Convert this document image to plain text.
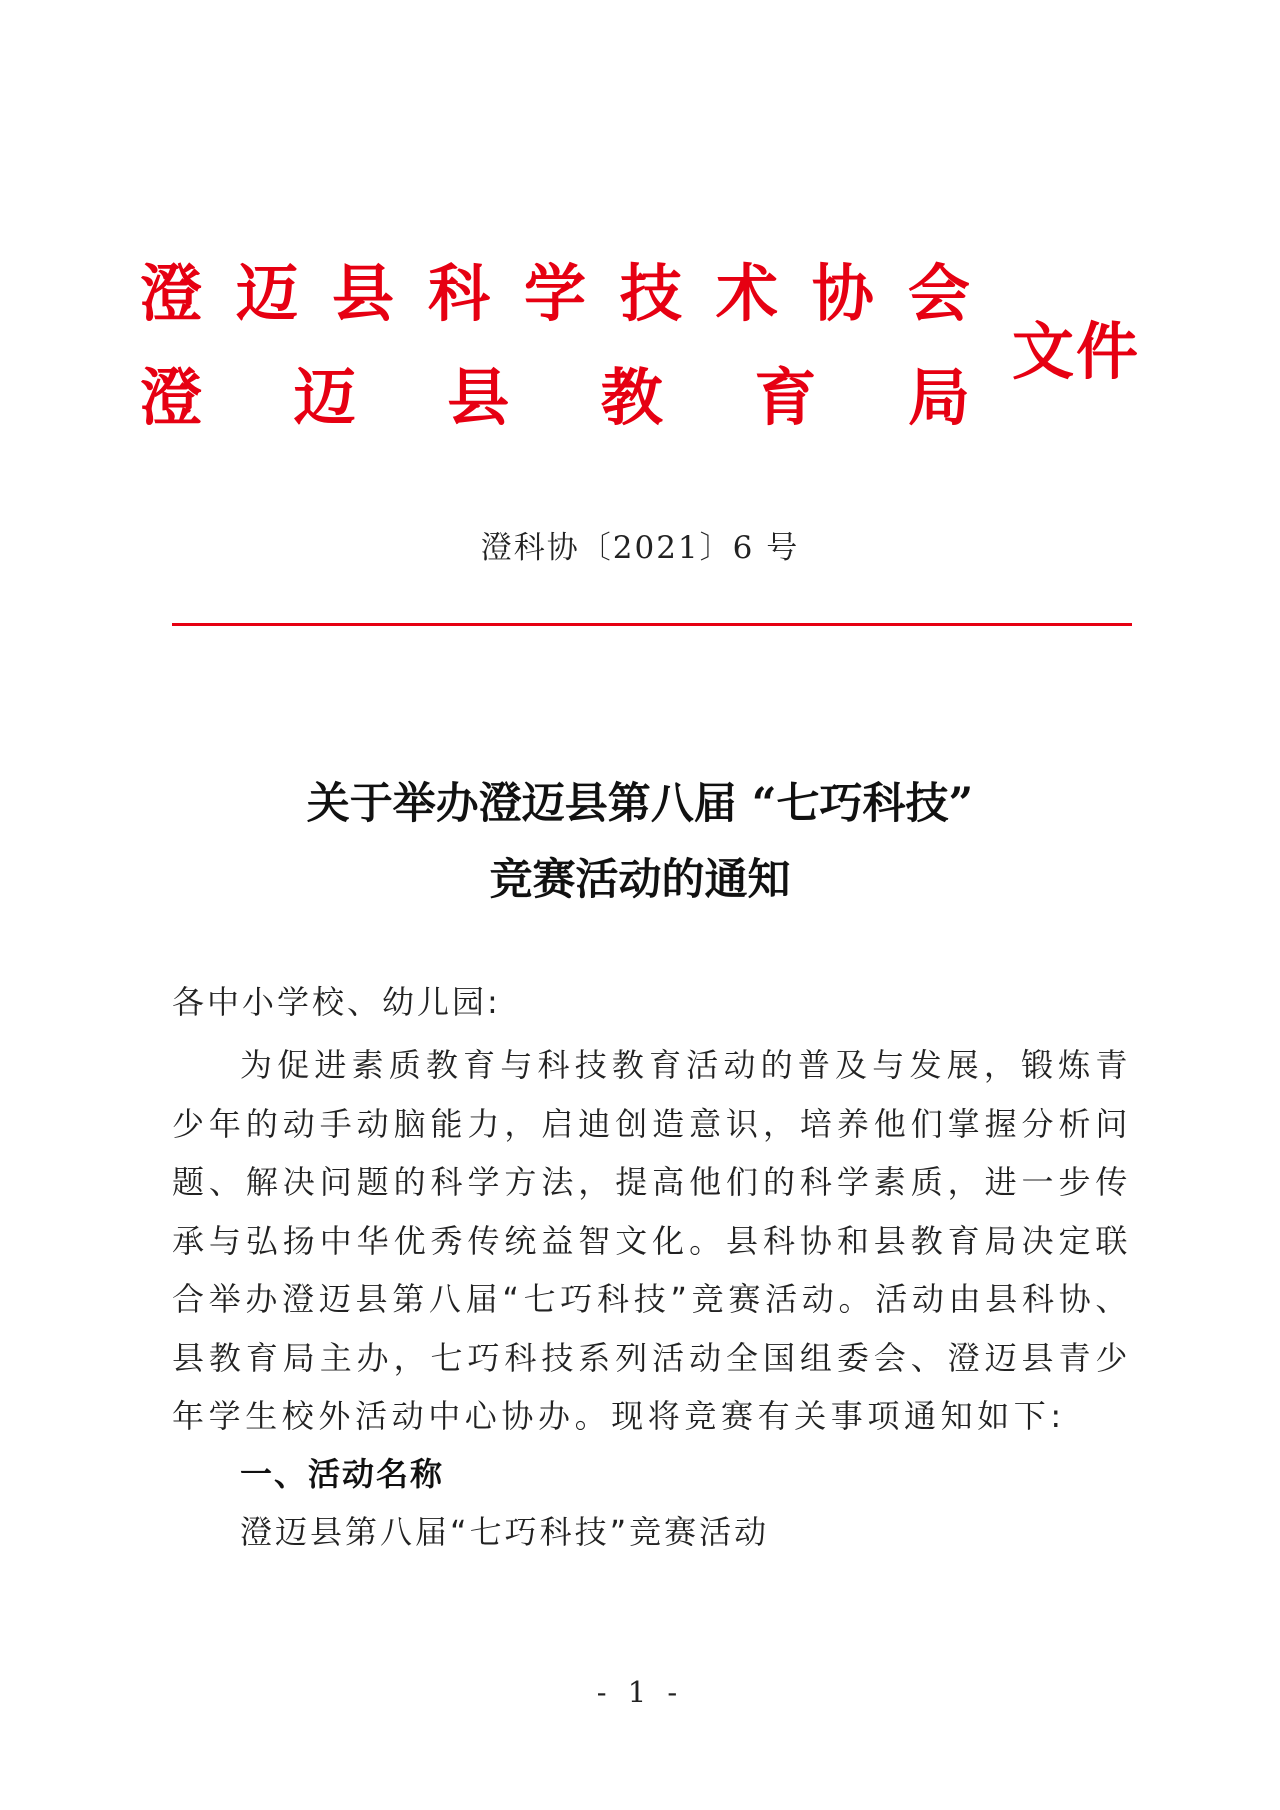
澄 迈 县 科 学 技 术 协 会
澄 迈 县 教 育 局
文件
澄科协〔2021〕6 号
关于举办澄迈县第八届 “七巧科技”
竞赛活动的通知
各中小学校、幼儿园:

为促进素质教育与科技教育活动的普及与发展，锻炼青少年的动手动脑能力，启迪创造意识，培养他们掌握分析问题、解决问题的科学方法，提高他们的科学素质，进一步传承与弘扬中华优秀传统益智文化。县科协和县教育局决定联合举办澄迈县第八届“七巧科技”竞赛活动。活动由县科协、县教育局主办，七巧科技系列活动全国组委会、澄迈县青少年学生校外活动中心协办。现将竞赛有关事项通知如下:

一、活动名称
澄迈县第八届“七巧科技”竞赛活动
- 1 -
